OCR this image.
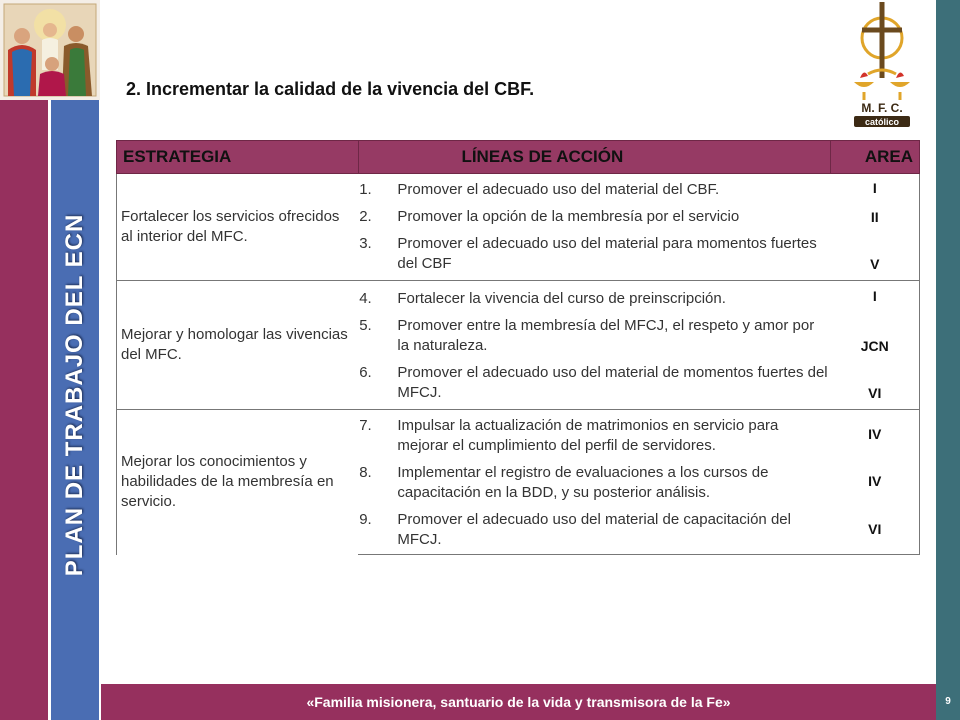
PLAN DE TRABAJO DEL ECN
M. F. C.
católico
2. Incrementar la calidad de la vivencia del CBF.
ESTRATEGIA	LÍNEAS DE ACCIÓN		AREA
Fortalecer los servicios ofrecidos al interior del MFC.	1.	Promover el adecuado uso del material del CBF.	I
	2.	Promover la opción de la membresía por el servicio	II
	3.	Promover el adecuado uso del material para momentos fuertes del CBF	V
Mejorar y homologar las vivencias del MFC.	4.	Fortalecer la vivencia del curso de preinscripción.	I
	5.	Promover entre la membresía del MFCJ, el respeto y amor por la naturaleza.	JCN
	6.	Promover el adecuado uso del material de momentos fuertes del MFCJ.	VI
Mejorar los conocimientos y habilidades de la membresía en servicio.	7.	Impulsar la actualización de matrimonios en servicio para mejorar el cumplimiento del perfil de servidores.	IV
	8.	Implementar el registro de evaluaciones a los cursos de capacitación en la BDD, y su posterior análisis.	IV
	9.	Promover el adecuado uso del material de capacitación del MFCJ.	VI
«Familia misionera, santuario de la vida y transmisora de la Fe»	9
